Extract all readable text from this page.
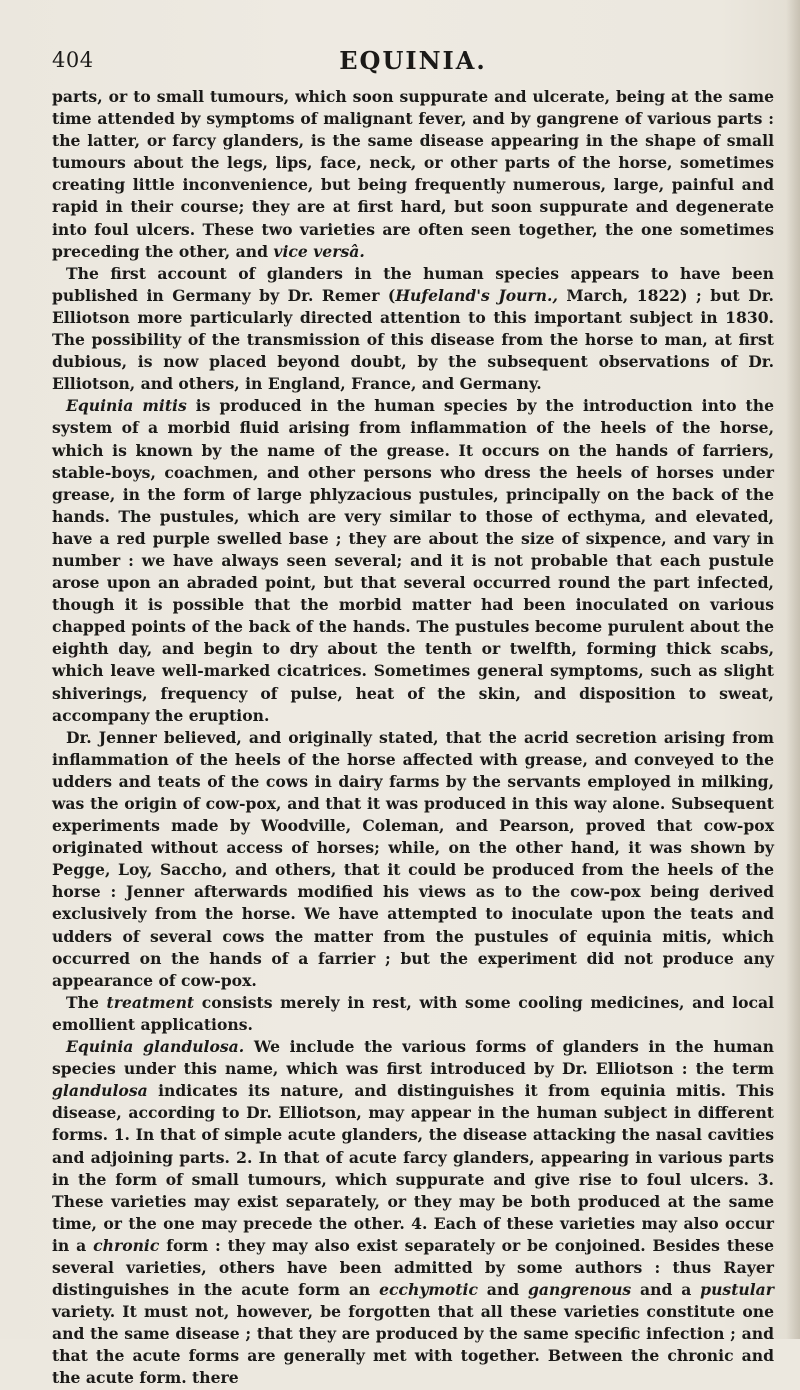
404	EQUINIA.

parts, or to small tumours, which soon suppurate and ulcerate, being at the same time attended by symptoms of malignant fever, and by gangrene of various parts : the latter, or farcy glanders, is the same disease appearing in the shape of small tumours about the legs, lips, face, neck, or other parts of the horse, sometimes creating little inconvenience, but being frequently numerous, large, painful and rapid in their course; they are at first hard, but soon suppurate and degenerate into foul ulcers. These two varieties are often seen together, the one sometimes preceding the other, and vice versâ.

The first account of glanders in the human species appears to have been published in Germany by Dr. Remer (Hufeland's Journ., March, 1822) ; but Dr. Elliotson more particularly directed attention to this important subject in 1830. The possibility of the transmission of this disease from the horse to man, at first dubious, is now placed beyond doubt, by the subsequent observations of Dr. Elliotson, and others, in England, France, and Germany.

Equinia mitis is produced in the human species by the introduction into the system of a morbid fluid arising from inflammation of the heels of the horse, which is known by the name of the grease. It occurs on the hands of farriers, stable-boys, coachmen, and other persons who dress the heels of horses under grease, in the form of large phlyzacious pustules, principally on the back of the hands. The pustules, which are very similar to those of ecthyma, and elevated, have a red purple swelled base ; they are about the size of sixpence, and vary in number : we have always seen several; and it is not probable that each pustule arose upon an abraded point, but that several occurred round the part infected, though it is possible that the morbid matter had been inoculated on various chapped points of the back of the hands. The pustules become purulent about the eighth day, and begin to dry about the tenth or twelfth, forming thick scabs, which leave well-marked cicatrices. Sometimes general symptoms, such as slight shiverings, frequency of pulse, heat of the skin, and disposition to sweat, accompany the eruption.

Dr. Jenner believed, and originally stated, that the acrid secretion arising from inflammation of the heels of the horse affected with grease, and conveyed to the udders and teats of the cows in dairy farms by the servants employed in milking, was the origin of cow-pox, and that it was produced in this way alone. Subsequent experiments made by Woodville, Coleman, and Pearson, proved that cow-pox originated without access of horses; while, on the other hand, it was shown by Pegge, Loy, Saccho, and others, that it could be produced from the heels of the horse : Jenner afterwards modified his views as to the cow-pox being derived exclusively from the horse. We have attempted to inoculate upon the teats and udders of several cows the matter from the pustules of equinia mitis, which occurred on the hands of a farrier ; but the experiment did not produce any appearance of cow-pox.

The treatment consists merely in rest, with some cooling medicines, and local emollient applications.

Equinia glandulosa. We include the various forms of glanders in the human species under this name, which was first introduced by Dr. Elliotson : the term glandulosa indicates its nature, and distinguishes it from equinia mitis. This disease, according to Dr. Elliotson, may appear in the human subject in different forms. 1. In that of simple acute glanders, the disease attacking the nasal cavities and adjoining parts. 2. In that of acute farcy glanders, appearing in various parts in the form of small tumours, which suppurate and give rise to foul ulcers. 3. These varieties may exist separately, or they may be both produced at the same time, or the one may precede the other. 4. Each of these varieties may also occur in a chronic form : they may also exist separately or be conjoined. Besides these several varieties, others have been admitted by some authors : thus Rayer distinguishes in the acute form an ecchymotic and gangrenous and a pustular variety. It must not, however, be forgotten that all these varieties constitute one and the same disease ; that they are produced by the same specific infection ; and that the acute forms are generally met with together. Between the chronic and the acute form. there
